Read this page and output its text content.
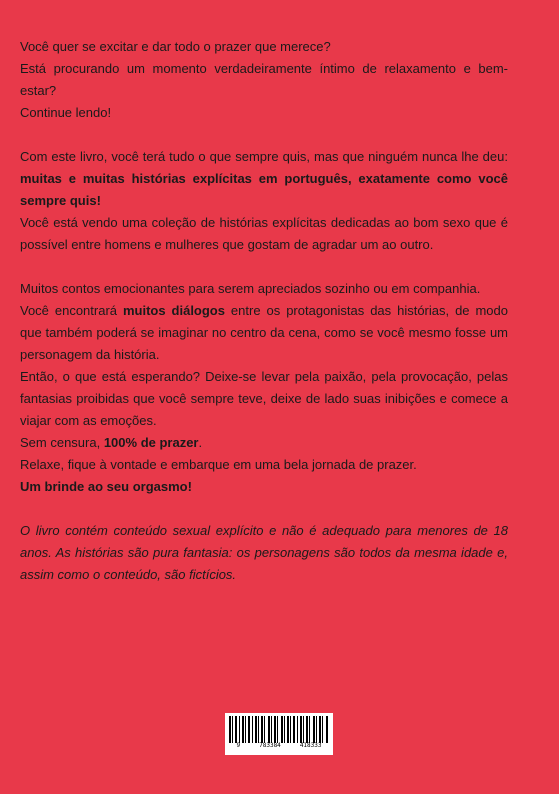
Você quer se excitar e dar todo o prazer que merece?

Está procurando um momento verdadeiramente íntimo de relaxamento e bem-estar?

Continue lendo!

Com este livro, você terá tudo o que sempre quis, mas que ninguém nunca lhe deu: muitas e muitas histórias explícitas em português, exatamente como você sempre quis!

Você está vendo uma coleção de histórias explícitas dedicadas ao bom sexo que é possível entre homens e mulheres que gostam de agradar um ao outro.

Muitos contos emocionantes para serem apreciados sozinho ou em companhia.

Você encontrará muitos diálogos entre os protagonistas das histórias, de modo que também poderá se imaginar no centro da cena, como se você mesmo fosse um personagem da história.

Então, o que está esperando? Deixe-se levar pela paixão, pela provocação, pelas fantasias proibidas que você sempre teve, deixe de lado suas inibições e comece a viajar com as emoções.

Sem censura, 100% de prazer.

Relaxe, fique à vontade e embarque em uma bela jornada de prazer.

Um brinde ao seu orgasmo!

O livro contém conteúdo sexual explícito e não é adequado para menores de 18 anos. As histórias são pura fantasia: os personagens são todos da mesma idade e, assim como o conteúdo, são fictícios.

9	783384	418333
